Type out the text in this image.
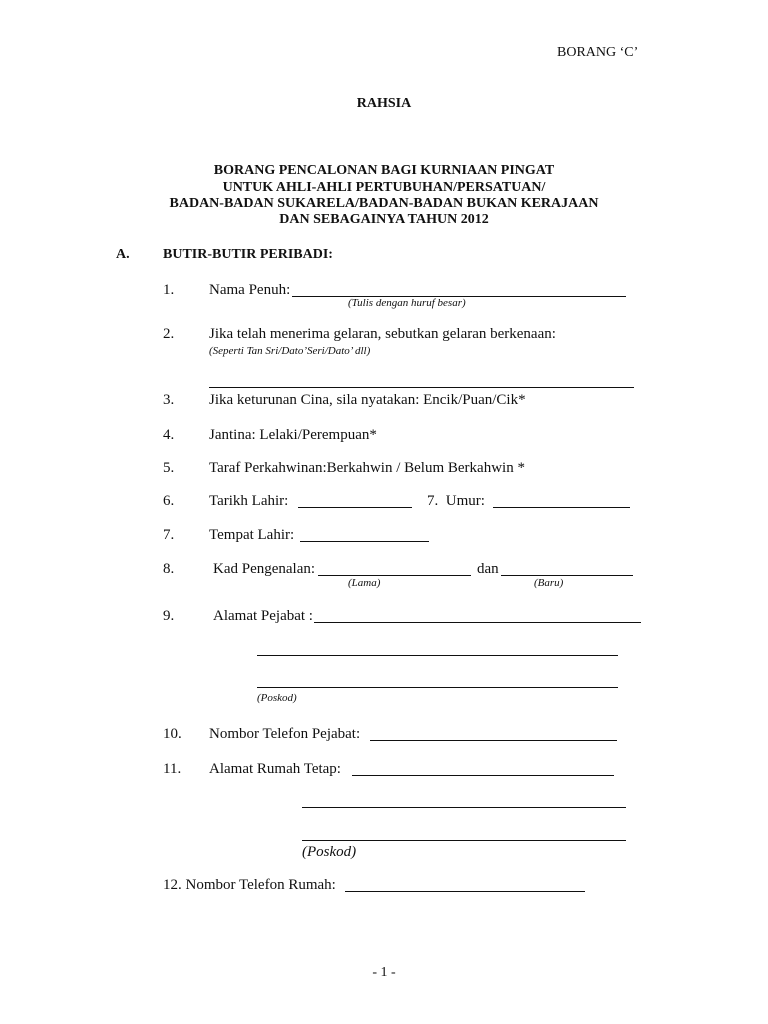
BORANG ‘C’
RAHSIA
BORANG PENCALONAN BAGI KURNIAAN PINGAT
UNTUK AHLI-AHLI PERTUBUHAN/PERSATUAN/
BADAN-BADAN SUKARELA/BADAN-BADAN BUKAN KERAJAAN
DAN SEBAGAINYA TAHUN 2012
A. BUTIR-BUTIR PERIBADI:
1. Nama Penuh:
(Tulis dengan huruf besar)
2. Jika telah menerima gelaran, sebutkan gelaran berkenaan:
(Seperti Tan Sri/Dato’Seri/Dato’ dll)
3. Jika keturunan Cina, sila nyatakan: Encik/Puan/Cik*
4. Jantina: Lelaki/Perempuan*
5. Taraf Perkahwinan:Berkahwin / Belum Berkahwin *
6. Tarikh Lahir:	7.  Umur:
7. Tempat Lahir:
8.	Kad Pengenalan:	dan
(Lama)	(Baru)
9.	Alamat Pejabat :
(Poskod)
10. Nombor Telefon Pejabat:
11. Alamat Rumah Tetap:
(Poskod)
12. Nombor Telefon Rumah:
- 1 -
